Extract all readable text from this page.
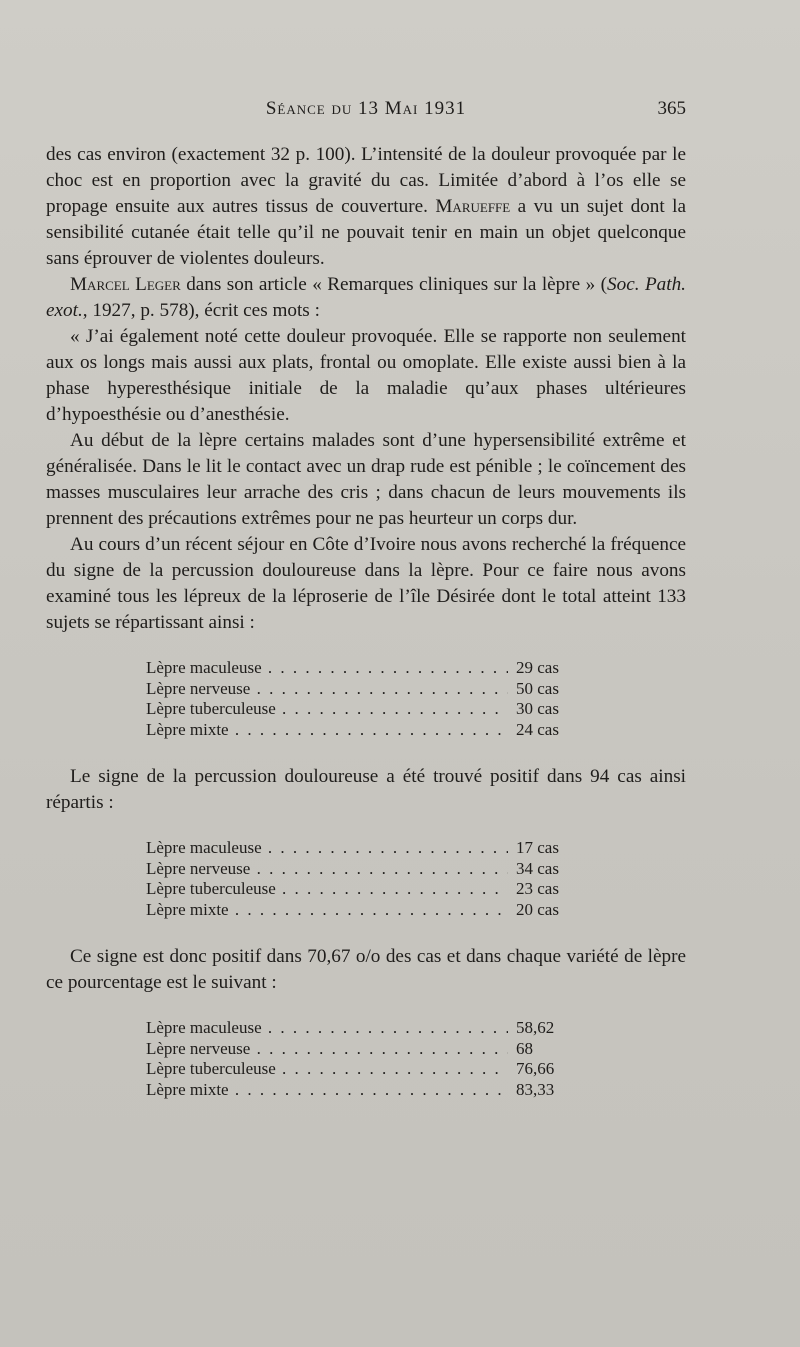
Séance du 13 Mai 1931	365

des cas environ (exactement 32 p. 100). L’intensité de la douleur provoquée par le choc est en proportion avec la gravité du cas. Limitée d’abord à l’os elle se propage ensuite aux autres tissus de couverture. Marueffe a vu un sujet dont la sensibilité cutanée était telle qu’il ne pouvait tenir en main un objet quelconque sans éprouver de violentes douleurs.

Marcel Leger dans son article « Remarques cliniques sur la lèpre » (Soc. Path. exot., 1927, p. 578), écrit ces mots :

« J’ai également noté cette douleur provoquée. Elle se rapporte non seulement aux os longs mais aussi aux plats, frontal ou omoplate. Elle existe aussi bien à la phase hyperesthésique initiale de la maladie qu’aux phases ultérieures d’hypoesthésie ou d’anesthésie.

Au début de la lèpre certains malades sont d’une hypersensibilité extrême et généralisée. Dans le lit le contact avec un drap rude est pénible ; le coïncement des masses musculaires leur arrache des cris ; dans chacun de leurs mouvements ils prennent des précautions extrêmes pour ne pas heurteur un corps dur.

Au cours d’un récent séjour en Côte d’Ivoire nous avons recherché la fréquence du signe de la percussion douloureuse dans la lèpre. Pour ce faire nous avons examiné tous les lépreux de la léproserie de l’île Désirée dont le total atteint 133 sujets se répartissant ainsi :

Lèpre maculeuse . . .	29 cas
Lèpre nerveuse . . .	50 cas
Lèpre tuberculeuse . . .	30 cas
Lèpre mixte . . .	24 cas

Le signe de la percussion douloureuse a été trouvé positif dans 94 cas ainsi répartis :

Lèpre maculeuse . . .	17 cas
Lèpre nerveuse . . .	34 cas
Lèpre tuberculeuse . . .	23 cas
Lèpre mixte . . .	20 cas

Ce signe est donc positif dans 70,67 o/o des cas et dans chaque variété de lèpre ce pourcentage est le suivant :

Lèpre maculeuse . . .	58,62
Lèpre nerveuse . . .	68
Lèpre tuberculeuse . . .	76,66
Lèpre mixte . . .	83,33
